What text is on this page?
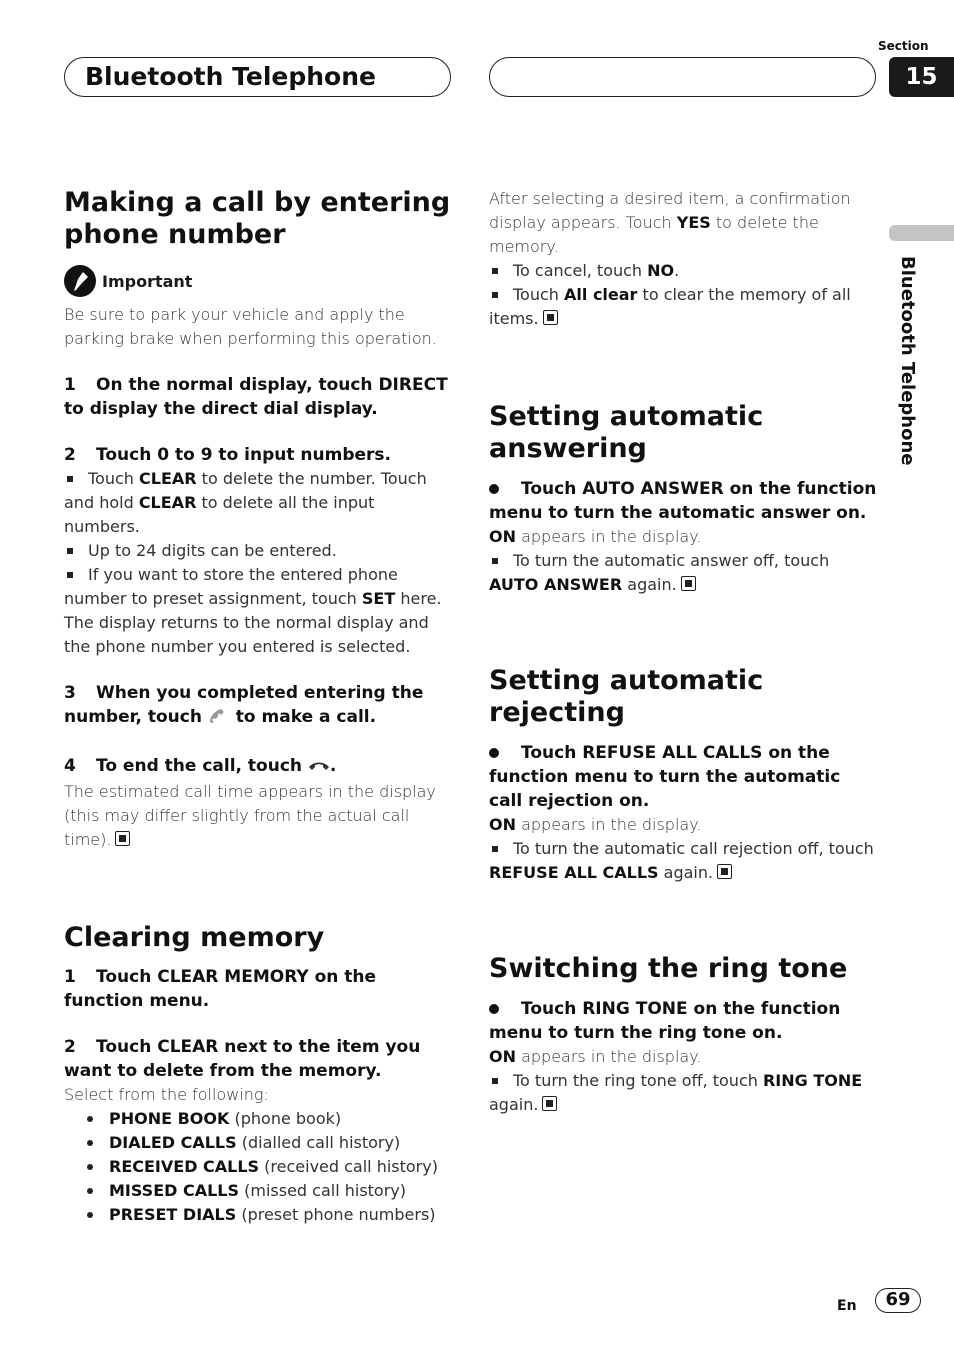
Bluetooth Telephone
Section
15
Bluetooth Telephone
Making a call by entering phone number
Important

Be sure to park your vehicle and apply the parking brake when performing this operation.

1 On the normal display, touch DIRECT to display the direct dial display.

2 Touch 0 to 9 to input numbers.

Touch CLEAR to delete the number. Touch and hold CLEAR to delete all the input numbers.

Up to 24 digits can be entered.

If you want to store the entered phone number to preset assignment, touch SET here. The display returns to the normal display and the phone number you entered is selected.

3 When you completed entering the number, touch  to make a call.

4 To end the call, touch .

The estimated call time appears in the display (this may differ slightly from the actual call time).

Clearing memory

1 Touch CLEAR MEMORY on the function menu.

2 Touch CLEAR next to the item you want to delete from the memory.

Select from the following:

PHONE BOOK (phone book)
DIALED CALLS (dialled call history)
RECEIVED CALLS (received call history)
MISSED CALLS (missed call history)
PRESET DIALS (preset phone numbers)

After selecting a desired item, a confirmation display appears. Touch YES to delete the memory.

To cancel, touch NO.

Touch All clear to clear the memory of all items.

Setting automatic answering

Touch AUTO ANSWER on the function menu to turn the automatic answer on.

ON appears in the display.

To turn the automatic answer off, touch AUTO ANSWER again.

Setting automatic rejecting

Touch REFUSE ALL CALLS on the function menu to turn the automatic call rejection on.

ON appears in the display.

To turn the automatic call rejection off, touch REFUSE ALL CALLS again.

Switching the ring tone

Touch RING TONE on the function menu to turn the ring tone on.

ON appears in the display.

To turn the ring tone off, touch RING TONE again.

En	69
